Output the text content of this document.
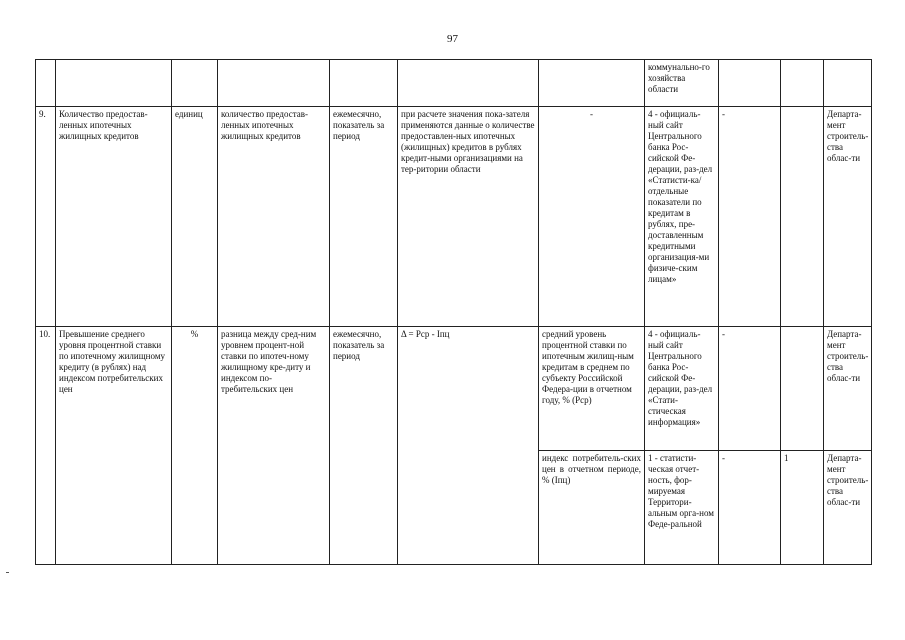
97
							коммунально-го хозяйства области			
9.	Количество предостав-ленных ипотечных жилищных кредитов	единиц	количество предостав-ленных ипотечных жилищных кредитов	ежемесячно, показатель за период	при расчете значения пока-зателя применяются данные о количестве предоставлен-ных ипотечных (жилищных) кредитов в рублях кредит-ными организациями на тер-ритории области	-	4 - официаль-ный сайт Центрального банка Рос-сийской Фе-дерации, раз-дел «Статисти-ка/отдельные показатели по кредитам в рублях, пре-доставленным кредитными организация-ми физиче-ским лицам»	-		Департа-мент строитель-ства облас-ти
10.	Превышение среднего уровня процентной ставки по ипотечному жилищному кредиту (в рублях) над индексом потребительских цен	%	разница между сред-ним уровнем процент-ной ставки по ипотеч-ному жилищному кре-диту и индексом по-требительских цен	ежемесячно, показатель за период	Δ = Рср - Iпц	средний уровень процентной ставки по ипотечным жилищ-ным кредитам в среднем по субъекту Российской Федера-ции в отчетном году, % (Рср)	4 - официаль-ный сайт Центрального банка Рос-сийской Фе-дерации, раз-дел «Стати-стическая информация»	-		Департа-мент строитель-ства облас-ти
						индекс потребитель-ских цен в отчетном периоде, % (Iпц)	1 - статисти-ческая отчет-ность, фор-мируемая Территори-альным орга-ном Феде-ральной	-	1	Департа-мент строитель-ства облас-ти
